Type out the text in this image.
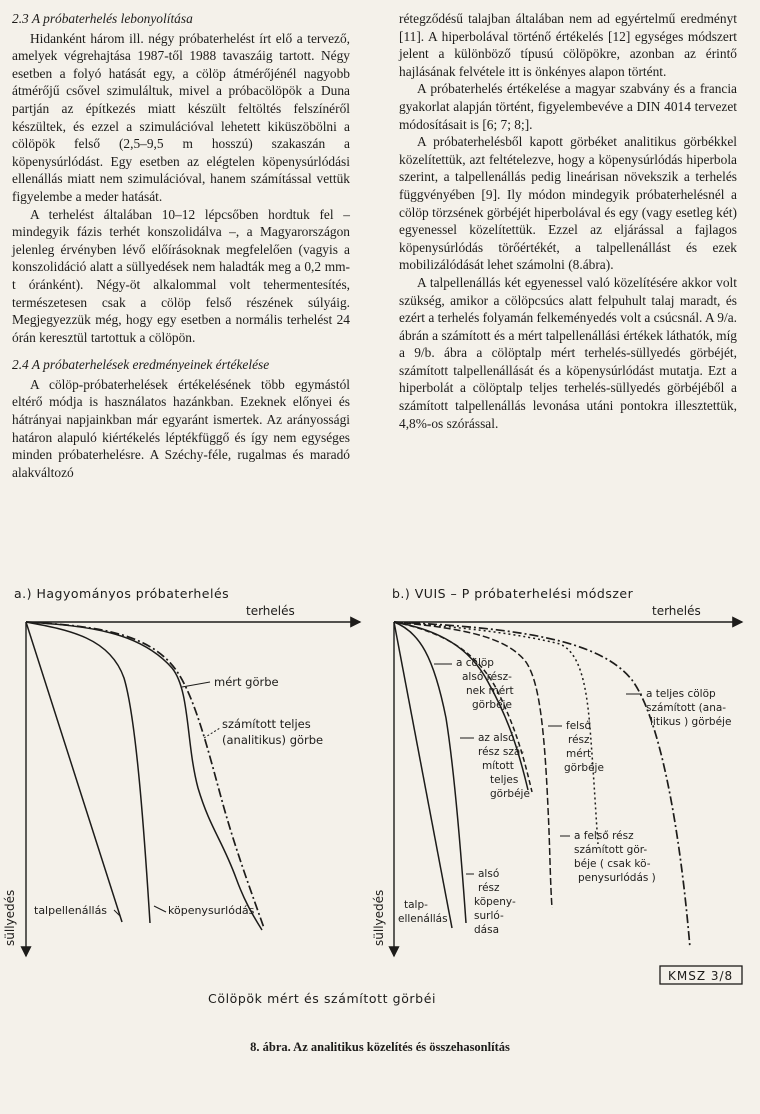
2.3 A próbaterhelés lebonyolítása

Hidanként három ill. négy próbaterhelést írt elő a tervező, amelyek végrehajtása 1987-től 1988 tavaszáig tartott. Négy esetben a folyó hatását egy, a cölöp átmérőjénél nagyobb átmérőjű csővel szimuláltuk, mivel a próbacölöpök a Duna partján az építkezés miatt készült feltöltés felszínéről készültek, és ezzel a szimulációval lehetett kiküszöbölni a cölöpök felső (2,5–9,5 m hosszú) szakaszán a köpenysúrlódást. Egy esetben az elégtelen köpenysúrlódási ellenállás miatt nem szimulációval, hanem számítással vettük figyelembe a meder hatását.

A terhelést általában 10–12 lépcsőben hordtuk fel – mindegyik fázis terhét konszolidálva –, a Magyarországon jelenleg érvényben lévő előírásoknak megfelelően (vagyis a konszolidáció alatt a süllyedések nem haladták meg a 0,2 mm-t óránként). Négy-öt alkalommal volt tehermentesítés, természetesen csak a cölöp felső részének súlyáig. Megjegyezzük még, hogy egy esetben a normális terhelést 24 órán keresztül tartottuk a cölöpön.

2.4 A próbaterhelések eredményeinek értékelése

A cölöp-próbaterhelések értékelésének több egymástól eltérő módja is használatos hazánkban. Ezeknek előnyei és hátrányai napjainkban már egyaránt ismertek. Az arányossági határon alapuló kiértékelés léptékfüggő és így nem egységes minden próbaterhelésre. A Széchy-féle, rugalmas és maradó alakváltozó

rétegződésű talajban általában nem ad egyértelmű eredményt [11]. A hiperbolával történő értékelés [12] egységes módszert jelent a különböző típusú cölöpökre, azonban az érintő hajlásának felvétele itt is önkényes alapon történt.

A próbaterhelés értékelése a magyar szabvány és a francia gyakorlat alapján történt, figyelembevéve a DIN 4014 tervezet módosításait is [6; 7; 8;].

A próbaterhelésből kapott görbéket analitikus görbékkel közelítettük, azt feltételezve, hogy a köpenysúrlódás hiperbola szerint, a talpellenállás pedig lineárisan növekszik a terhelés függvényében [9]. Ily módon mindegyik próbaterhelésnél a cölöp törzsének görbéjét hiperbolával és egy (vagy esetleg két) egyenessel közelítettük. Ezzel az eljárással a fajlagos köpenysúrlódás törőértékét, a talpellenállást és ezek mobilizálódását lehet számolni (8.ábra).

A talpellenállás két egyenessel való közelítésére akkor volt szükség, amikor a cölöpcsúcs alatt felpuhult talaj maradt, és ezért a terhelés folyamán felkeményedés volt a csúcsnál. A 9/a. ábrán a számított és a mért talpellenállási értékek láthatók, míg a 9/b. ábra a cölöptalp mért terhelés-süllyedés görbéjét, számított talpellenállását és a köpenysúrlódást mutatja. Ezt a hiperbolát a cölöptalp teljes terhelés-süllyedés görbéjéből a számított talpellenállás levonása utáni pontokra illesztettük, 4,8%-os szórással.

a.) Hagyományos próbaterhelés	b.) VUIS – P próbaterhelési módszer
terhelés
süllyedés
mért görbe
számított teljes
(analitikus) görbe
talpellenállás	köpenysurlódás
terhelés
süllyedés
a cölöp alsó rész- nek mért görbéje
az alsó rész szá- mított teljes görbéje
felső rész mért görbéje
a teljes cölöp számított (ana- litikus ) görbéje
a felső rész számított gör- béje ( csak kö- penysurlódás )
alsó rész köpeny- surló- dása
talp- ellenállás
KMSZ 3/8
Cölöpök mért és számított görbéi
8. ábra. Az analitikus közelítés és összehasonlítás
